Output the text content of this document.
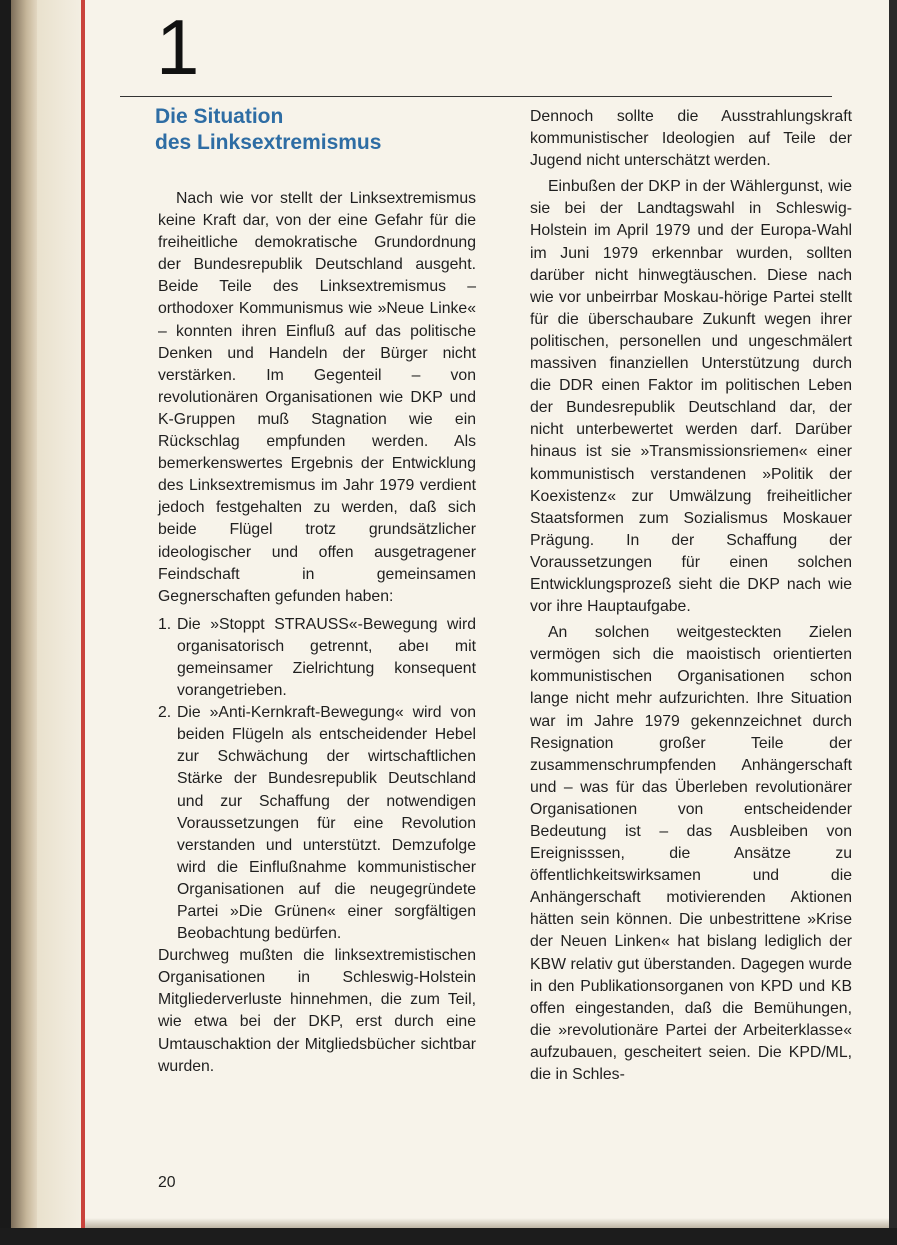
1
Die Situation
des Linksextremismus

Nach wie vor stellt der Linksextremismus keine Kraft dar, von der eine Gefahr für die freiheitliche demokratische Grundordnung der Bundesrepublik Deutschland ausgeht. Beide Teile des Linksextremismus – orthodoxer Kommunismus wie »Neue Linke« – konnten ihren Einfluß auf das politische Denken und Handeln der Bürger nicht verstärken. Im Gegenteil – von revolutionären Organisationen wie DKP und K-Gruppen muß Stagnation wie ein Rückschlag empfunden werden. Als bemerkenswertes Ergebnis der Entwicklung des Linksextremismus im Jahr 1979 verdient jedoch festgehalten zu werden, daß sich beide Flügel trotz grundsätzlicher ideologischer und offen ausgetragener Feindschaft in gemeinsamen Gegnerschaften gefunden haben:

1. Die »Stoppt STRAUSS«-Bewegung wird organisatorisch getrennt, abeı mit gemeinsamer Zielrichtung konsequent vorangetrieben.
2. Die »Anti-Kernkraft-Bewegung« wird von beiden Flügeln als entscheidender Hebel zur Schwächung der wirtschaftlichen Stärke der Bundesrepublik Deutschland und zur Schaffung der notwendigen Voraussetzungen für eine Revolution verstanden und unterstützt. Demzufolge wird die Einflußnahme kommunistischer Organisationen auf die neugegründete Partei »Die Grünen« einer sorgfältigen Beobachtung bedürfen.

Durchweg mußten die linksextremistischen Organisationen in Schleswig-Holstein Mitgliederverluste hinnehmen, die zum Teil, wie etwa bei der DKP, erst durch eine Umtauschaktion der Mitgliedsbücher sichtbar wurden.

Dennoch sollte die Ausstrahlungskraft kommunistischer Ideologien auf Teile der Jugend nicht unterschätzt werden.

Einbußen der DKP in der Wählergunst, wie sie bei der Landtagswahl in Schleswig-Holstein im April 1979 und der Europa-Wahl im Juni 1979 erkennbar wurden, sollten darüber nicht hinwegtäuschen. Diese nach wie vor unbeirrbar Moskau-hörige Partei stellt für die überschaubare Zukunft wegen ihrer politischen, personellen und ungeschmälert massiven finanziellen Unterstützung durch die DDR einen Faktor im politischen Leben der Bundesrepublik Deutschland dar, der nicht unterbewertet werden darf. Darüber hinaus ist sie »Transmissionsriemen« einer kommunistisch verstandenen »Politik der Koexistenz« zur Umwälzung freiheitlicher Staatsformen zum Sozialismus Moskauer Prägung. In der Schaffung der Voraussetzungen für einen solchen Entwicklungsprozeß sieht die DKP nach wie vor ihre Hauptaufgabe.

An solchen weitgesteckten Zielen vermögen sich die maoistisch orientierten kommunistischen Organisationen schon lange nicht mehr aufzurichten. Ihre Situation war im Jahre 1979 gekennzeichnet durch Resignation großer Teile der zusammenschrumpfenden Anhängerschaft und – was für das Überleben revolutionärer Organisationen von entscheidender Bedeutung ist – das Ausbleiben von Ereignisssen, die Ansätze zu öffentlichkeitswirksamen und die Anhängerschaft motivierenden Aktionen hätten sein können. Die unbestrittene »Krise der Neuen Linken« hat bislang lediglich der KBW relativ gut überstanden. Dagegen wurde in den Publikationsorganen von KPD und KB offen eingestanden, daß die Bemühungen, die »revolutionäre Partei der Arbeiterklasse« aufzubauen, gescheitert seien. Die KPD/ML, die in Schles-

20
